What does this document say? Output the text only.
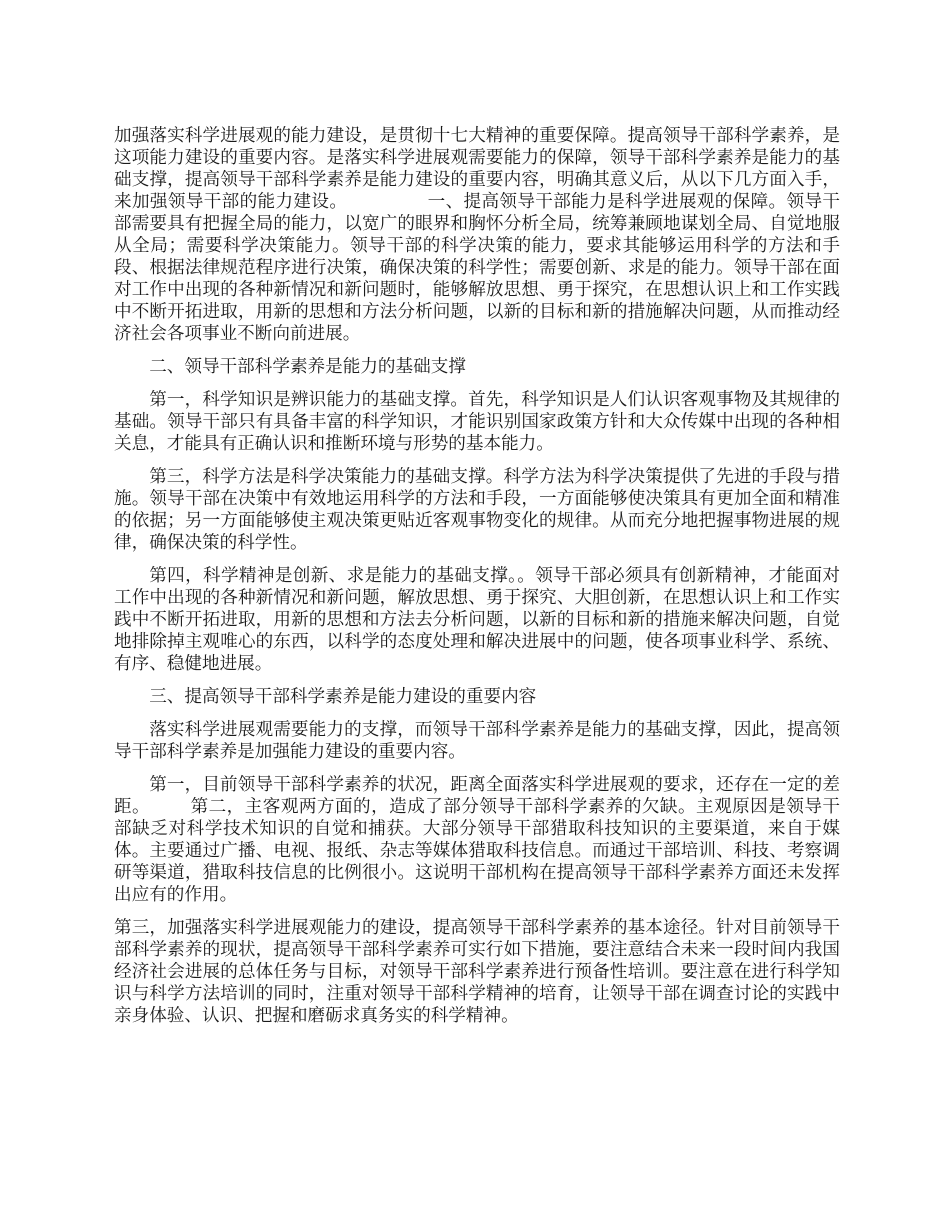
加强落实科学进展观的能力建设，是贯彻十七大精神的重要保障。提高领导干部科学素养，是这项能力建设的重要内容。是落实科学进展观需要能力的保障，领导干部科学素养是能力的基础支撑，提高领导干部科学素养是能力建设的重要内容，明确其意义后，从以下几方面入手，来加强领导干部的能力建设。	一、提高领导干部能力是科学进展观的保障。领导干部需要具有把握全局的能力，以宽广的眼界和胸怀分析全局，统筹兼顾地谋划全局、自觉地服从全局；需要科学决策能力。领导干部的科学决策的能力，要求其能够运用科学的方法和手段、根据法律规范程序进行决策，确保决策的科学性；需要创新、求是的能力。领导干部在面对工作中出现的各种新情况和新问题时，能够解放思想、勇于探究，在思想认识上和工作实践中不断开拓进取，用新的思想和方法分析问题，以新的目标和新的措施解决问题，从而推动经济社会各项事业不断向前进展。

二、领导干部科学素养是能力的基础支撑

第一，科学知识是辨识能力的基础支撑。首先，科学知识是人们认识客观事物及其规律的基础。领导干部只有具备丰富的科学知识，才能识别国家政策方针和大众传媒中出现的各种相关息，才能具有正确认识和推断环境与形势的基本能力。

第三，科学方法是科学决策能力的基础支撑。科学方法为科学决策提供了先进的手段与措施。领导干部在决策中有效地运用科学的方法和手段，一方面能够使决策具有更加全面和精准的依据；另一方面能够使主观决策更贴近客观事物变化的规律。从而充分地把握事物进展的规律，确保决策的科学性。

第四，科学精神是创新、求是能力的基础支撑。。领导干部必须具有创新精神，才能面对工作中出现的各种新情况和新问题，解放思想、勇于探究、大胆创新，在思想认识上和工作实践中不断开拓进取，用新的思想和方法去分析问题，以新的目标和新的措施来解决问题，自觉地排除掉主观唯心的东西，以科学的态度处理和解决进展中的问题，使各项事业科学、系统、有序、稳健地进展。

三、提高领导干部科学素养是能力建设的重要内容

落实科学进展观需要能力的支撑，而领导干部科学素养是能力的基础支撑，因此，提高领导干部科学素养是加强能力建设的重要内容。

第一，目前领导干部科学素养的状况，距离全面落实科学进展观的要求，还存在一定的差距。 第二，主客观两方面的，造成了部分领导干部科学素养的欠缺。主观原因是领导干部缺乏对科学技术知识的自觉和捕获。大部分领导干部猎取科技知识的主要渠道，来自于媒体。主要通过广播、电视、报纸、杂志等媒体猎取科技信息。而通过干部培训、科技、考察调研等渠道，猎取科技信息的比例很小。这说明干部机构在提高领导干部科学素养方面还未发挥出应有的作用。

第三，加强落实科学进展观能力的建设，提高领导干部科学素养的基本途径。针对目前领导干部科学素养的现状，提高领导干部科学素养可实行如下措施，要注意结合未来一段时间内我国经济社会进展的总体任务与目标，对领导干部科学素养进行预备性培训。要注意在进行科学知识与科学方法培训的同时，注重对领导干部科学精神的培育，让领导干部在调查讨论的实践中亲身体验、认识、把握和磨砺求真务实的科学精神。
